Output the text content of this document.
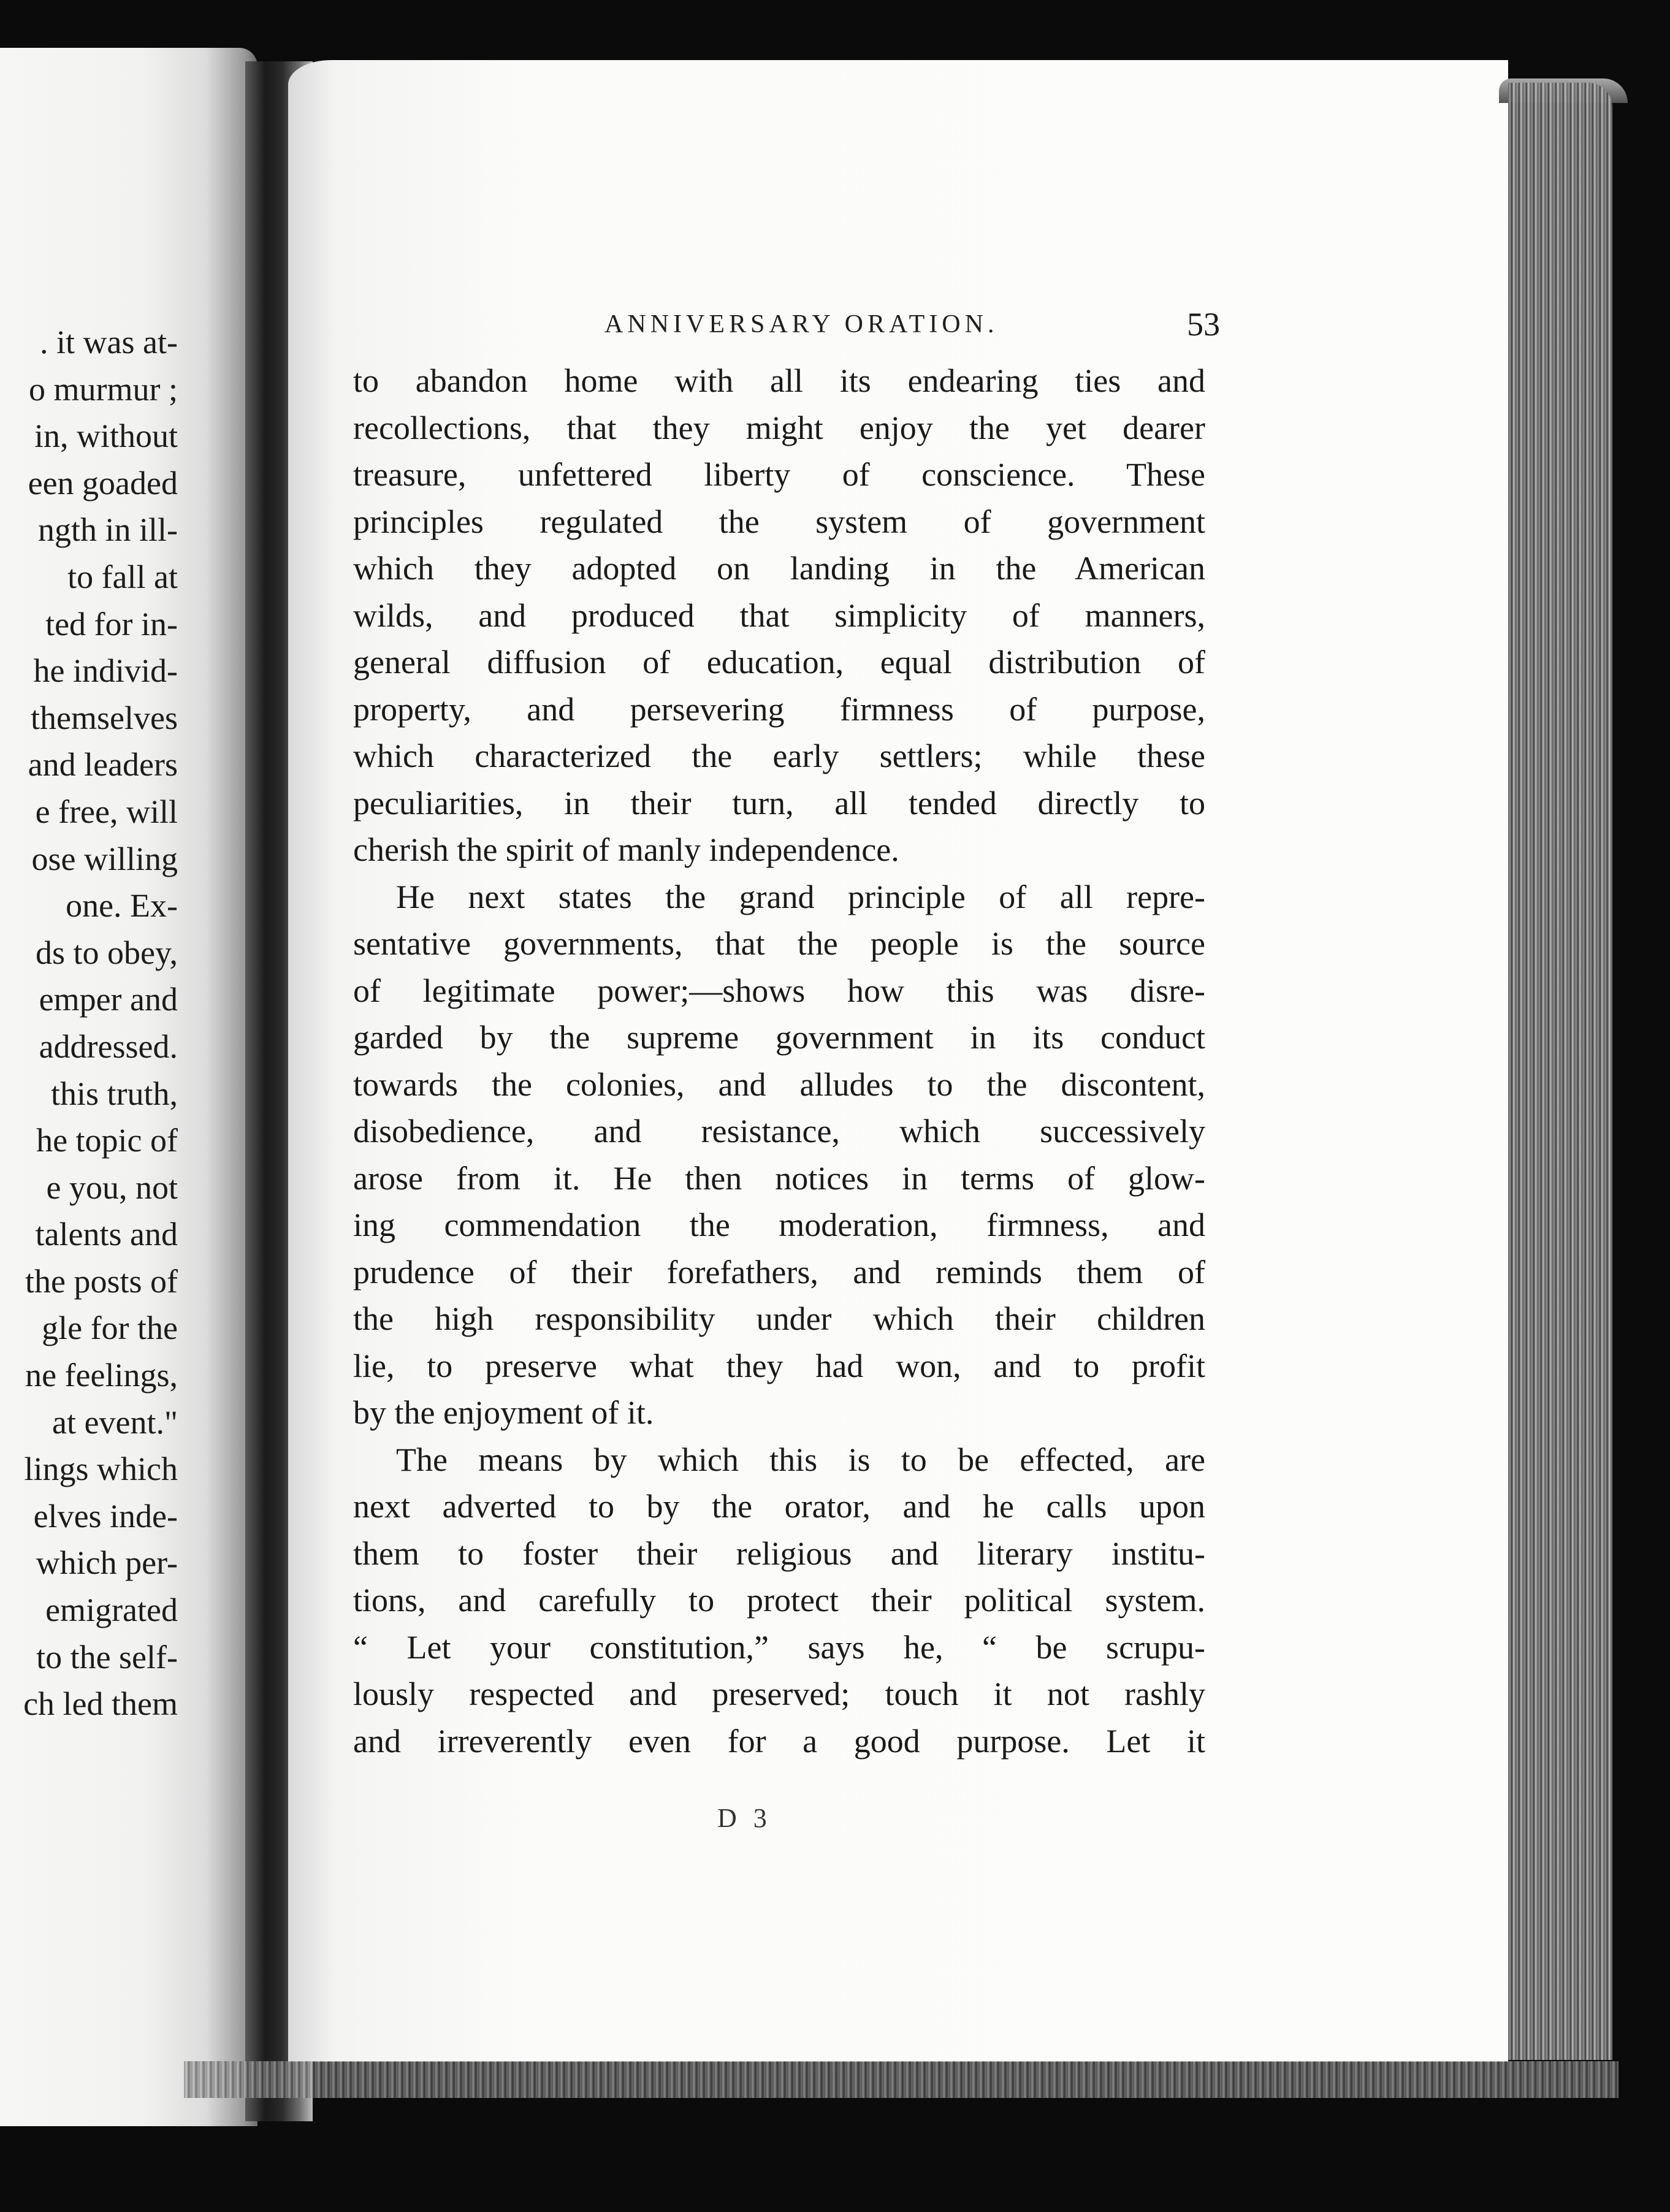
. it was at-
o murmur ;
in, without
een goaded
ngth in ill-
to fall at
ted for in-
he individ-
themselves
and leaders
e free, will
ose willing
one. Ex-
ds to obey,
emper and
addressed.
this truth,
he topic of
e you, not
talents and
the posts of
gle for the
ne feelings,
at event."
lings which
elves inde-
which per-
emigrated
to the self-
ch led them
ANNIVERSARY ORATION.	53
to abandon home with all its endearing ties and
recollections, that they might enjoy the yet dearer
treasure, unfettered liberty of conscience. These
principles regulated the system of government
which they adopted on landing in the American
wilds, and produced that simplicity of manners,
general diffusion of education, equal distribution of
property, and persevering firmness of purpose,
which characterized the early settlers; while these
peculiarities, in their turn, all tended directly to
cherish the spirit of manly independence.
He next states the grand principle of all repre-
sentative governments, that the people is the source
of legitimate power;—shows how this was disre-
garded by the supreme government in its conduct
towards the colonies, and alludes to the discontent,
disobedience, and resistance, which successively
arose from it. He then notices in terms of glow-
ing commendation the moderation, firmness, and
prudence of their forefathers, and reminds them of
the high responsibility under which their children
lie, to preserve what they had won, and to profit
by the enjoyment of it.
The means by which this is to be effected, are
next adverted to by the orator, and he calls upon
them to foster their religious and literary institu-
tions, and carefully to protect their political system.
“ Let your constitution,” says he, “ be scrupu-
lously respected and preserved; touch it not rashly
and irreverently even for a good purpose. Let it
D 3
